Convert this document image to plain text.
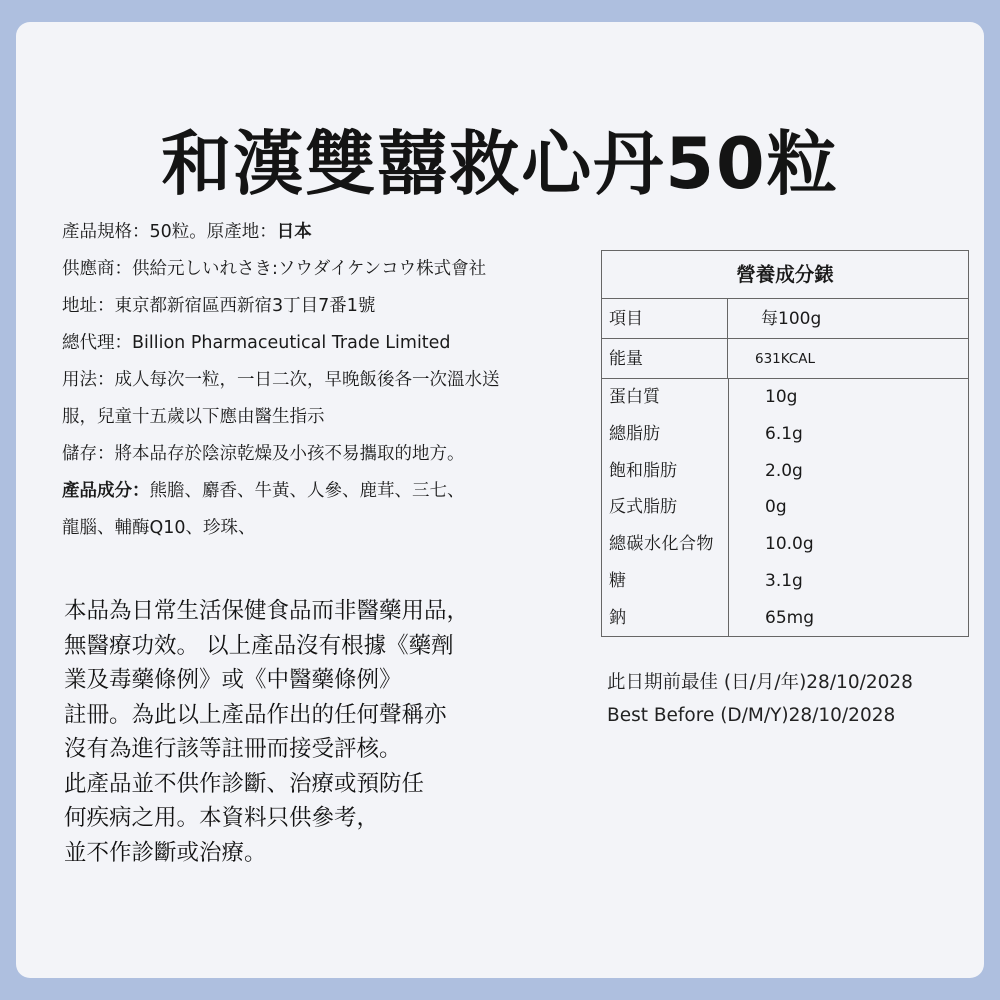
和漢雙囍救心丹50粒
產品規格：50粒。原產地：日本
供應商：供給元しいれさき:ソウダイケンコウ株式會社
地址：東京都新宿區西新宿3丁目7番1號
總代理：Billion Pharmaceutical Trade Limited
用法：成人每次一粒，一日二次，早晚飯後各一次溫水送
服，兒童十五歲以下應由醫生指示
儲存：將本品存於陰涼乾燥及小孩不易攜取的地方。
產品成分：熊膽、麝香、牛黃、人參、鹿茸、三七、
龍腦、輔酶Q10、珍珠、
本品為日常生活保健食品而非醫藥用品，
無醫療功效。 以上產品沒有根據《藥劑
業及毒藥條例》或《中醫藥條例》
註冊。為此以上產品作出的任何聲稱亦
沒有為進行該等註冊而接受評核。
此產品並不供作診斷、治療或預防任
何疾病之用。本資料只供參考，
並不作診斷或治療。
營養成分錶
項目	每100g
能量	631KCAL
蛋白質	10g
總脂肪	6.1g
飽和脂肪	2.0g
反式脂肪	0g
總碳水化合物	10.0g
糖	3.1g
鈉	65mg
此日期前最佳 (日/月/年)28/10/2028
Best Before (D/M/Y)28/10/2028
